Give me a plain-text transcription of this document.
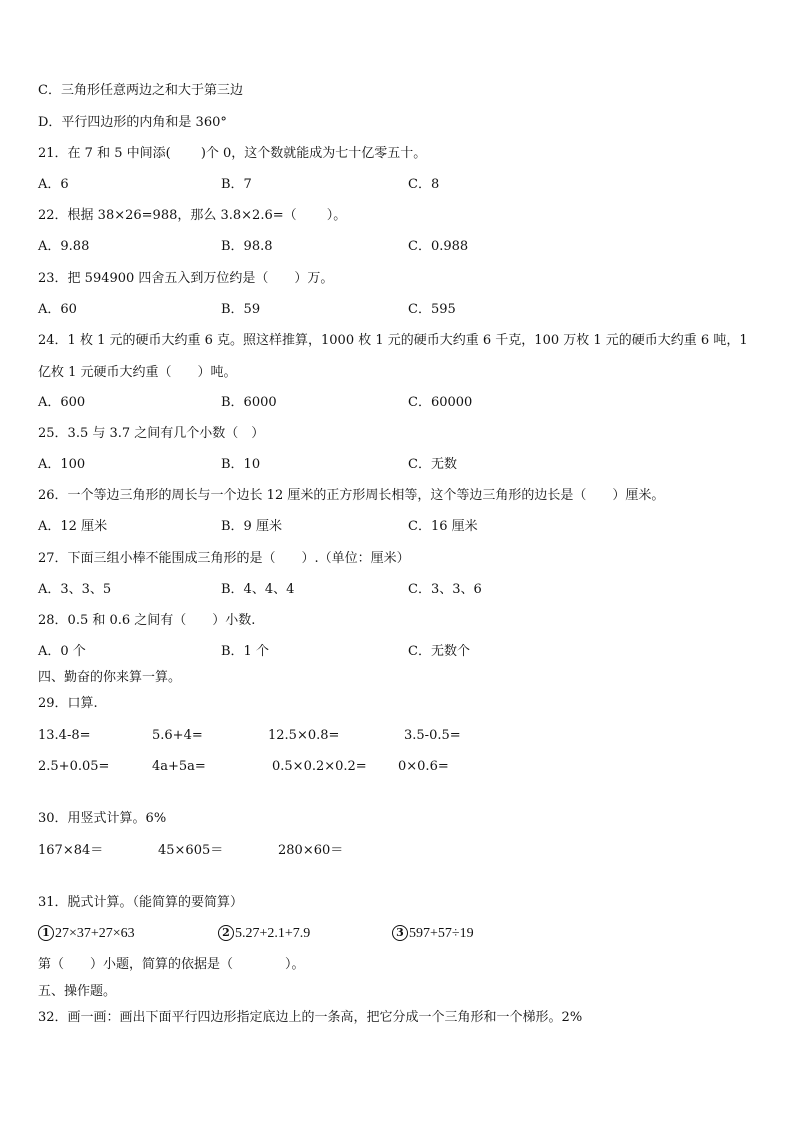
C．三角形任意两边之和大于第三边
D．平行四边形的内角和是 360°
21．在 7 和 5 中间添(　　 )个 0，这个数就能成为七十亿零五十。
A．6	B．7	C．8
22．根据 38×26=988，那么 3.8×2.6=（　　 ）。
A．9.88	B．98.8	C．0.988
23．把 594900 四舍五入到万位约是（　　）万。
A．60	B．59	C．595
24．1 枚 1 元的硬币大约重 6 克。照这样推算，1000 枚 1 元的硬币大约重 6 千克，100 万枚 1 元的硬币大约重 6 吨，1 亿枚 1 元硬币大约重（　　）吨。
A．600	B．6000	C．60000
25．3.5 与 3.7 之间有几个小数（　）
A．100	B．10	C．无数
26．一个等边三角形的周长与一个边长 12 厘米的正方形周长相等，这个等边三角形的边长是（　　）厘米。
A．12 厘米	B．9 厘米	C．16 厘米
27．下面三组小棒不能围成三角形的是（　　）.（单位：厘米）
A．3、3、5	B．4、4、4	C．3、3、6
28．0.5 和 0.6 之间有（　　）小数.
A．0 个	B．1 个	C．无数个
四、勤奋的你来算一算。
29．口算.
13.4-8=	5.6+4=	12.5×0.8=	3.5-0.5=
2.5+0.05=	4a+5a=	0.5×0.2×0.2= 0×0.6=
30．用竖式计算。6%
167×84＝	45×605＝	280×60＝
31．脱式计算。（能简算的要简算）
1 27×37+27×63	2 5.27+2.1+7.9	3 597+57÷19
第（　　）小题，简算的依据是（　　　　）。
五、操作题。
32．画一画：画出下面平行四边形指定底边上的一条高，把它分成一个三角形和一个梯形。2%
